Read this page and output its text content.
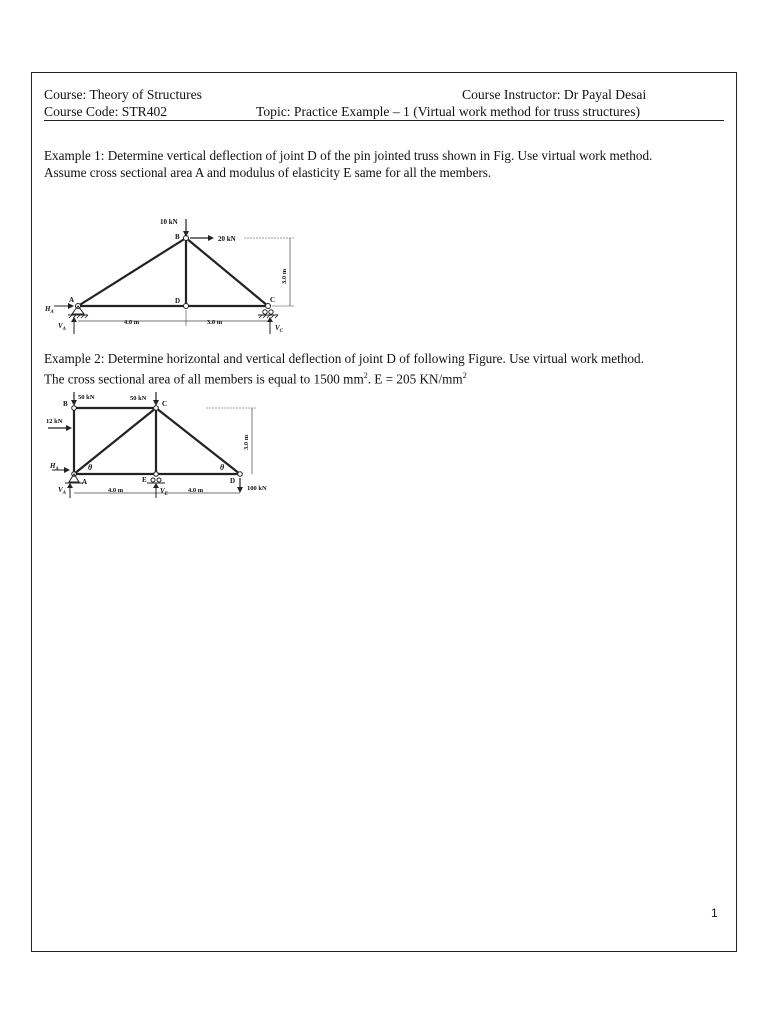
Course: Theory of Structures	Course Instructor: Dr Payal Desai
Course Code: STR402	Topic: Practice Example – 1 (Virtual work method for truss structures)
Example 1: Determine vertical deflection of joint D of the pin jointed truss shown in Fig. Use virtual work method.
Assume cross sectional area A and modulus of elasticity E same for all the members.
10 kN
20 kN
3.0 m
4.0 m	3.0 m
$H_A$
$V_A$	$V_C$
A
B
D	C
Example 2: Determine horizontal and vertical deflection of joint D of following Figure. Use virtual work method.
The cross sectional area of all members is equal to 1500 $mm^2$. E = 205 $KN/mm^2$
50 kN	50 kN
12 kN
100 kN
3.0 m
4.0 m	4.0 m
$H_A$
$V_A$	$V_E$
B	C
A	E	D
θ	θ
1
